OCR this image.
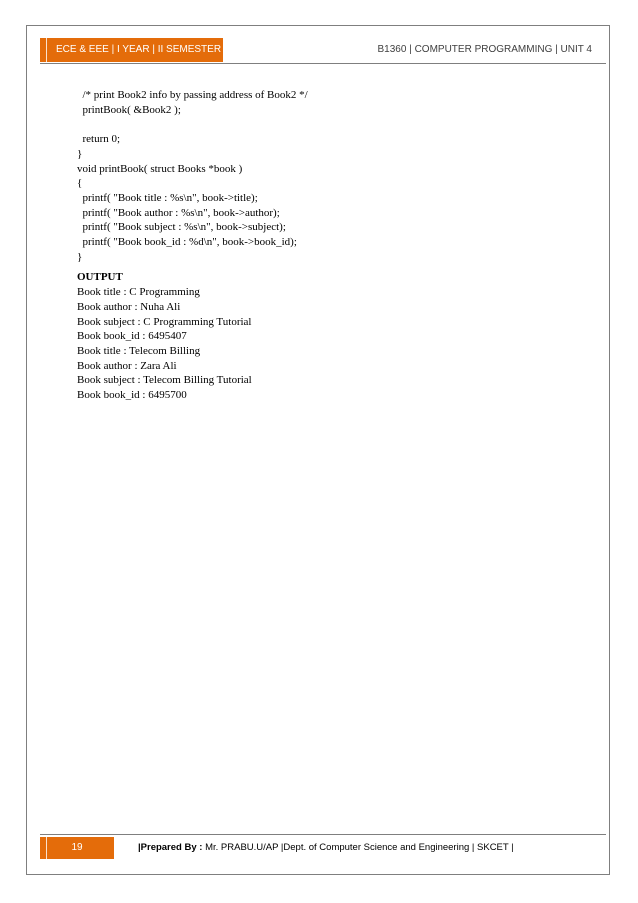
ECE & EEE | I YEAR | II SEMESTER	B1360 | COMPUTER PROGRAMMING | UNIT 4
/* print Book2 info by passing address of Book2 */
printBook( &Book2 );
return 0;
}
void printBook( struct Books *book )
{
printf( "Book title : %s\n", book->title);
printf( "Book author : %s\n", book->author);
printf( "Book subject : %s\n", book->subject);
printf( "Book book_id : %d\n", book->book_id);
}
OUTPUT
Book title : C Programming
Book author : Nuha Ali
Book subject : C Programming Tutorial
Book book_id : 6495407
Book title : Telecom Billing
Book author : Zara Ali
Book subject : Telecom Billing Tutorial
Book book_id : 6495700
19	|Prepared By : Mr. PRABU.U/AP |Dept. of Computer Science and Engineering | SKCET |
